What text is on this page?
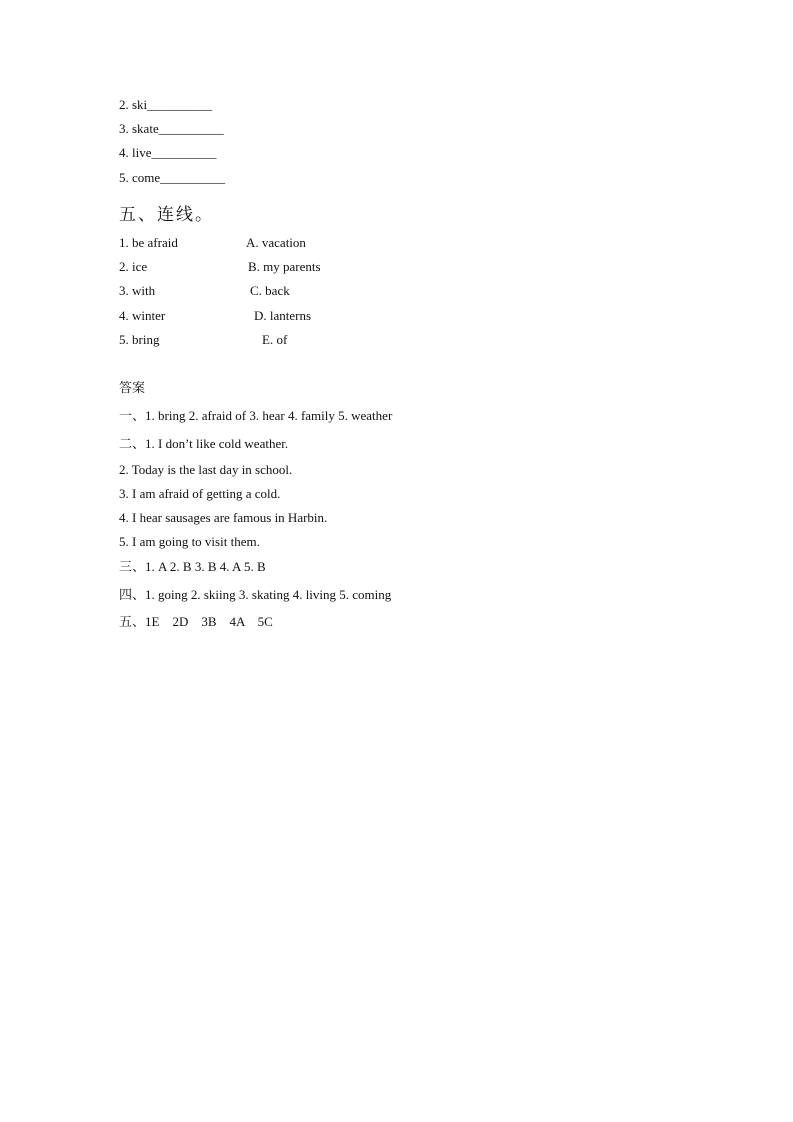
2. ski__________
3. skate__________
4. live__________
5. come__________
五、连线。
1. be afraid
2. ice
3. with
4. winter
5. bring
A. vacation
B. my parents
C. back
D. lanterns
E. of
答案
一、1. bring 2. afraid of 3. hear 4. family 5. weather
二、1. I don’t like cold weather.
2. Today is the last day in school.
3. I am afraid of getting a cold.
4. I hear sausages are famous in Harbin.
5. I am going to visit them.
三、1. A 2. B 3. B 4. A 5. B
四、1. going 2. skiing 3. skating 4. living 5. coming
五、1E    2D    3B    4A    5C
